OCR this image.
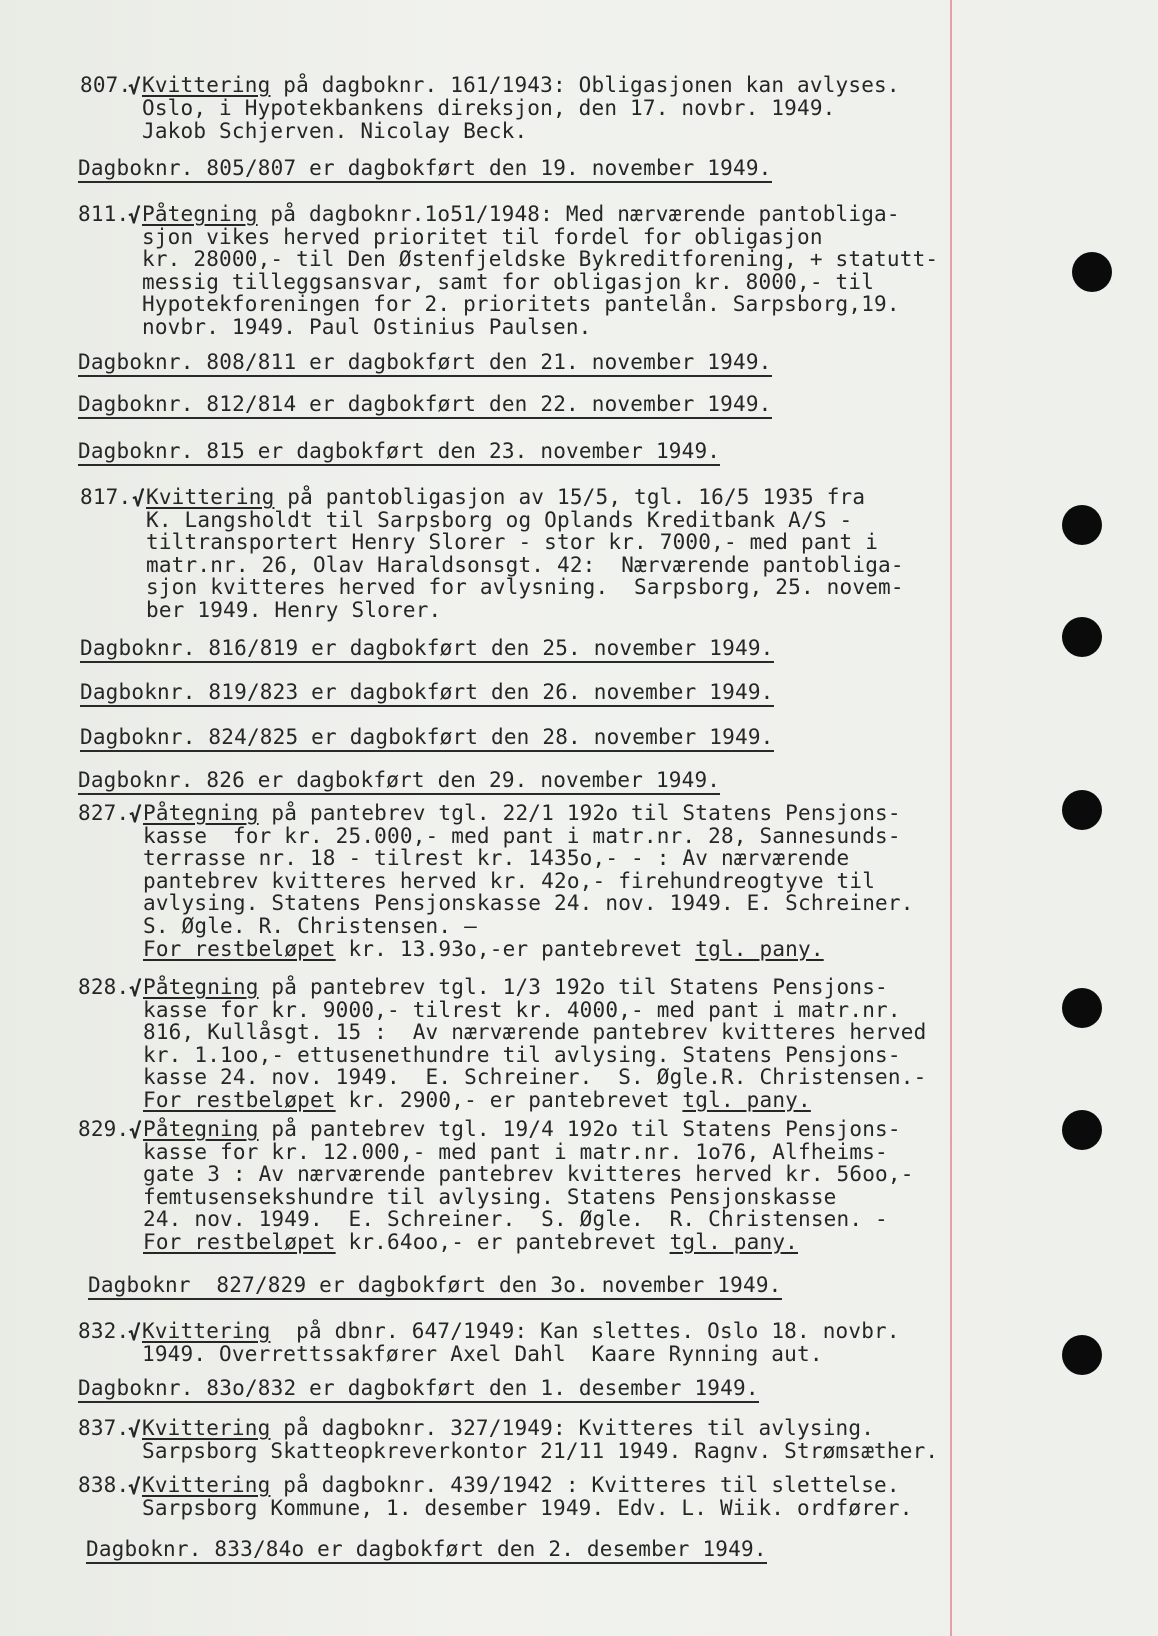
807.
√ Kvittering på dagboknr. 161/1943: Obligasjonen kan avlyses.
Oslo, i Hypotekbankens direksjon, den 17. novbr. 1949.
Jakob Schjerven. Nicolay Beck.
Dagboknr. 805/807 er dagbokført den 19. november 1949.
811.
√ Påtegning på dagboknr.1o51/1948: Med nærværende pantobliga-
sjon vikes herved prioritet til fordel for obligasjon
kr. 28000,- til Den Østenfjeldske Bykreditforening, + statutt-
messig tilleggsansvar, samt for obligasjon kr. 8000,- til
Hypotekforeningen for 2. prioritets pantelån. Sarpsborg,19.
novbr. 1949. Paul Ostinius Paulsen.
Dagboknr. 808/811 er dagbokført den 21. november 1949.
Dagboknr. 812/814 er dagbokført den 22. november 1949.
Dagboknr. 815 er dagbokført den 23. november 1949.
817. √ Kvittering på pantobligasjon av 15/5, tgl. 16/5 1935 fra
K. Langsholdt til Sarpsborg og Oplands Kreditbank A/S -
tiltransportert Henry Slorer - stor kr. 7000,- med pant i
matr.nr. 26, Olav Haraldsonsgt. 42:  Nærværende pantobliga-
sjon kvitteres herved for avlysning.  Sarpsborg, 25. novem-
ber 1949. Henry Slorer.
Dagboknr. 816/819 er dagbokført den 25. november 1949.
Dagboknr. 819/823 er dagbokført den 26. november 1949.
Dagboknr. 824/825 er dagbokført den 28. november 1949.
Dagboknr. 826 er dagbokført den 29. november 1949.
827. √ Påtegning på pantebrev tgl. 22/1 192o til Statens Pensjons-
kasse  for kr. 25.000,- med pant i matr.nr. 28, Sannesunds-
terrasse nr. 18 - tilrest kr. 1435o,- - : Av nærværende
pantebrev kvitteres herved kr. 42o,- firehundreogtyve til
avlysing. Statens Pensjonskasse 24. nov. 1949. E. Schreiner.
S. Øgle. R. Christensen. —
For restbeløpet kr. 13.93o,-er pantebrevet tgl. pany.
828. √ Påtegning på pantebrev tgl. 1/3 192o til Statens Pensjons-
kasse for kr. 9000,- tilrest kr. 4000,- med pant i matr.nr.
816, Kullåsgt. 15 :  Av nærværende pantebrev kvitteres herved
kr. 1.1oo,- ettusenethundre til avlysing. Statens Pensjons-
kasse 24. nov. 1949.  E. Schreiner.  S. Øgle.R. Christensen.-
For restbeløpet kr. 2900,- er pantebrevet tgl. pany.
829. √ Påtegning på pantebrev tgl. 19/4 192o til Statens Pensjons-
kasse for kr. 12.000,- med pant i matr.nr. 1o76, Alfheims-
gate 3 : Av nærværende pantebrev kvitteres herved kr. 56oo,-
femtusensekshundre til avlysing. Statens Pensjonskasse
24. nov. 1949.  E. Schreiner.  S. Øgle.  R. Christensen. -
For restbeløpet kr.64oo,- er pantebrevet tgl. pany.
Dagboknr  827/829 er dagbokført den 3o. november 1949.
832.
√ Kvittering  på dbnr. 647/1949: Kan slettes. Oslo 18. novbr.
1949. Overrettssakfører Axel Dahl  Kaare Rynning aut.
Dagboknr. 83o/832 er dagbokført den 1. desember 1949.
837.
√ Kvittering på dagboknr. 327/1949: Kvitteres til avlysing.
Sarpsborg Skatteopkreverkontor 21/11 1949. Ragnv. Strømsæther.
838.
√ Kvittering på dagboknr. 439/1942 : Kvitteres til slettelse.
Sarpsborg Kommune, 1. desember 1949. Edv. L. Wiik. ordfører.
Dagboknr. 833/84o er dagbokført den 2. desember 1949.
